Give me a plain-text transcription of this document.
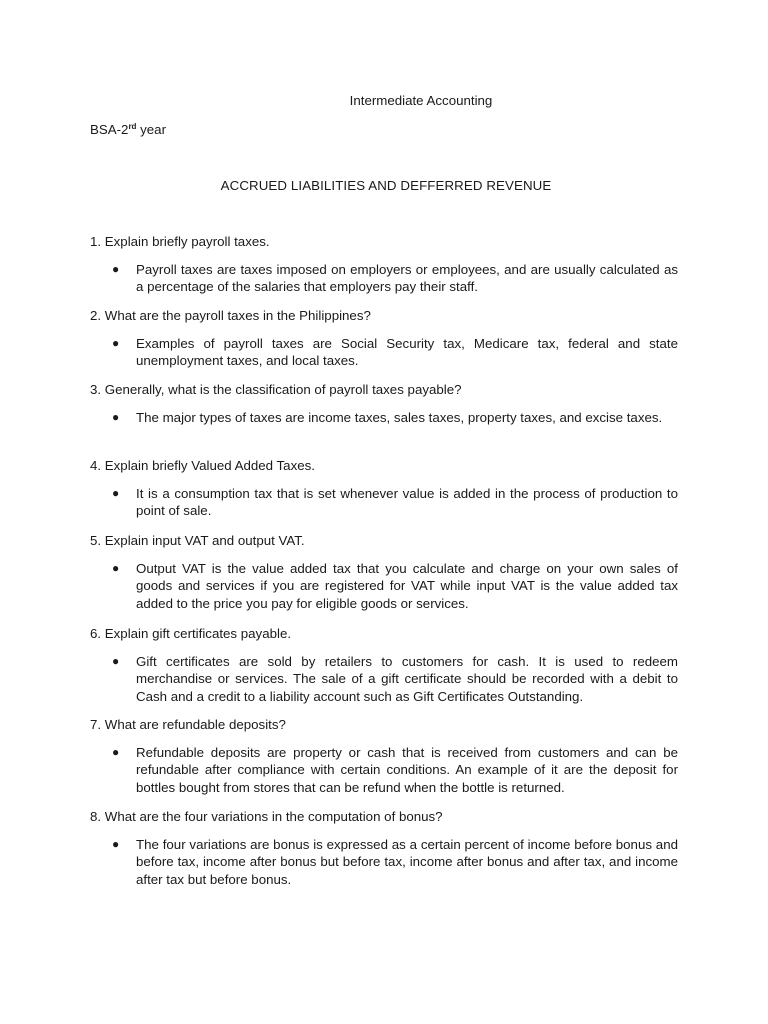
Intermediate Accounting
BSA-2rd year
ACCRUED LIABILITIES AND DEFFERRED REVENUE

1. Explain briefly payroll taxes.

● Payroll taxes are taxes imposed on employers or employees, and are usually calculated as a percentage of the salaries that employers pay their staff.

2. What are the payroll taxes in the Philippines?

● Examples of payroll taxes are Social Security tax, Medicare tax, federal and state unemployment taxes, and local taxes.

3. Generally, what is the classification of payroll taxes payable?

● The major types of taxes are income taxes, sales taxes, property taxes, and excise taxes.

4. Explain briefly Valued Added Taxes.

● It is a consumption tax that is set whenever value is added in the process of production to point of sale.

5. Explain input VAT and output VAT.

● Output VAT is the value added tax that you calculate and charge on your own sales of goods and services if you are registered for VAT while input VAT is the value added tax added to the price you pay for eligible goods or services.

6. Explain gift certificates payable.

● Gift certificates are sold by retailers to customers for cash. It is used to redeem merchandise or services. The sale of a gift certificate should be recorded with a debit to Cash and a credit to a liability account such as Gift Certificates Outstanding.

7. What are refundable deposits?

● Refundable deposits are property or cash that is received from customers and can be refundable after compliance with certain conditions. An example of it are the deposit for bottles bought from stores that can be refund when the bottle is returned.

8. What are the four variations in the computation of bonus?

● The four variations are bonus is expressed as a certain percent of income before bonus and before tax, income after bonus but before tax, income after bonus and after tax, and income after tax but before bonus.
